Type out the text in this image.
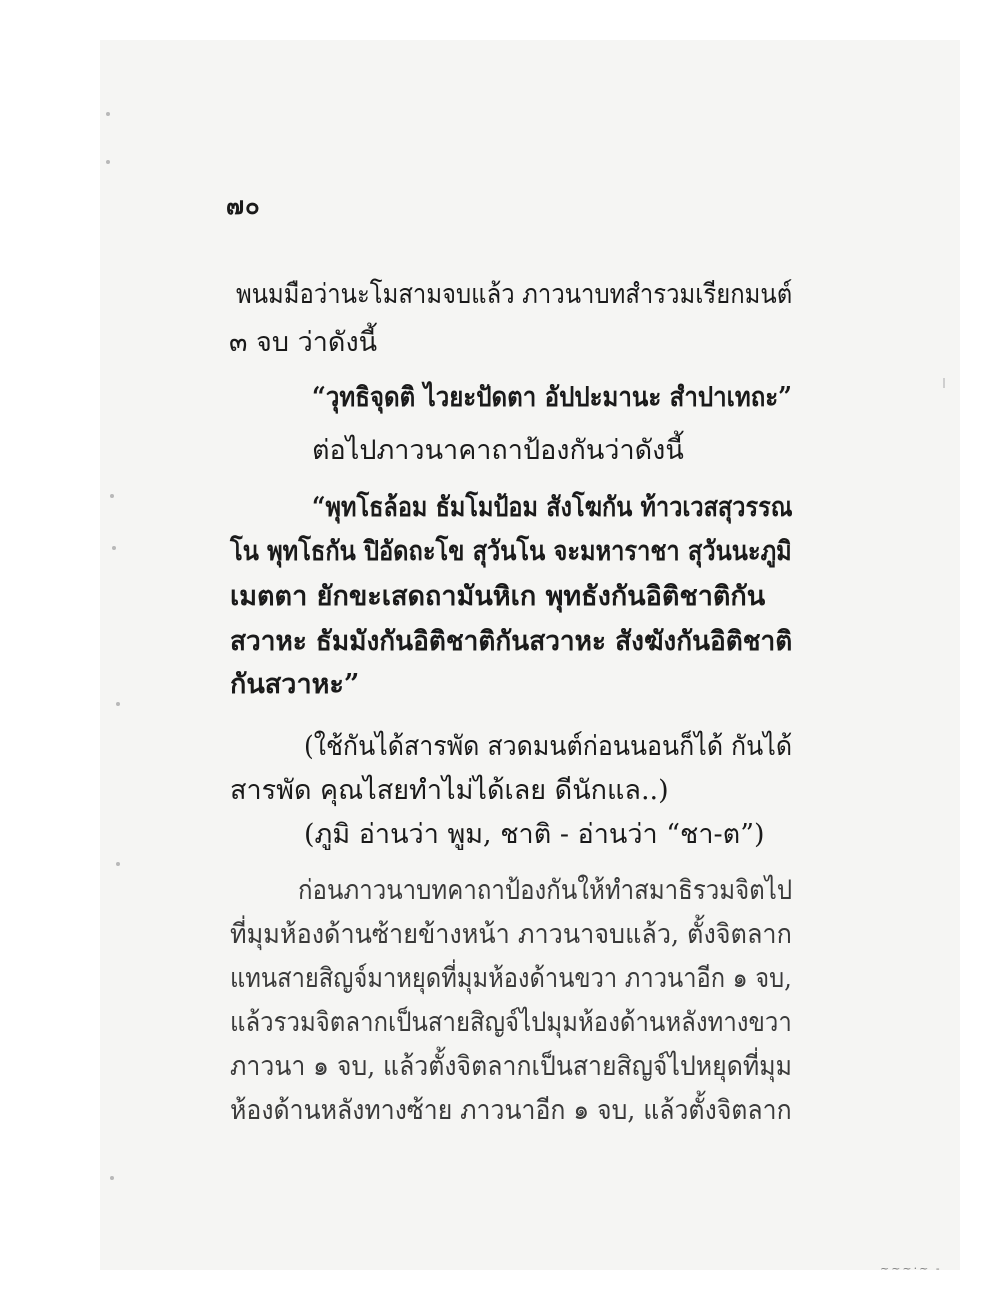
๗๐
พนมมือว่านะโมสามจบแล้ว ภาวนาบทสำรวมเรียกมนต์
๓ จบ ว่าดังนี้
“วุทธิจุดติ ไวยะปัดตา อัปปะมานะ สำปาเทถะ”
ต่อไปภาวนาคาถาป้องกันว่าดังนี้
“พุทโธล้อม ธัมโมป้อม สังโฆกัน ท้าวเวสสุวรรณ
โน พุทโธกัน ปิอัดถะโข สุวันโน จะมหาราชา สุวันนะภูมิ
เมตตา ยักขะเสดถามันหิเก พุทธังกันอิติชาติกัน
สวาหะ ธัมมังกันอิติชาติกันสวาหะ สังฆังกันอิติชาติ
กันสวาหะ”
(ใช้กันได้สารพัด สวดมนต์ก่อนนอนก็ได้ กันได้
สารพัด คุณไสยทำไม่ได้เลย ดีนักแล..)
(ภูมิ อ่านว่า พูม, ชาติ - อ่านว่า “ชา-ต”)
ก่อนภาวนาบทคาถาป้องกันให้ทำสมาธิรวมจิตไป
ที่มุมห้องด้านซ้ายข้างหน้า ภาวนาจบแล้ว, ตั้งจิตลาก
แทนสายสิญจ์มาหยุดที่มุมห้องด้านขวา ภาวนาอีก ๑ จบ,
แล้วรวมจิตลากเป็นสายสิญจ์ไปมุมห้องด้านหลังทางขวา
ภาวนา ๑ จบ, แล้วตั้งจิตลากเป็นสายสิญจ์ไปหยุดที่มุม
ห้องด้านหลังทางซ้าย ภาวนาอีก ๑ จบ, แล้วตั้งจิตลาก
~~~·~ -
